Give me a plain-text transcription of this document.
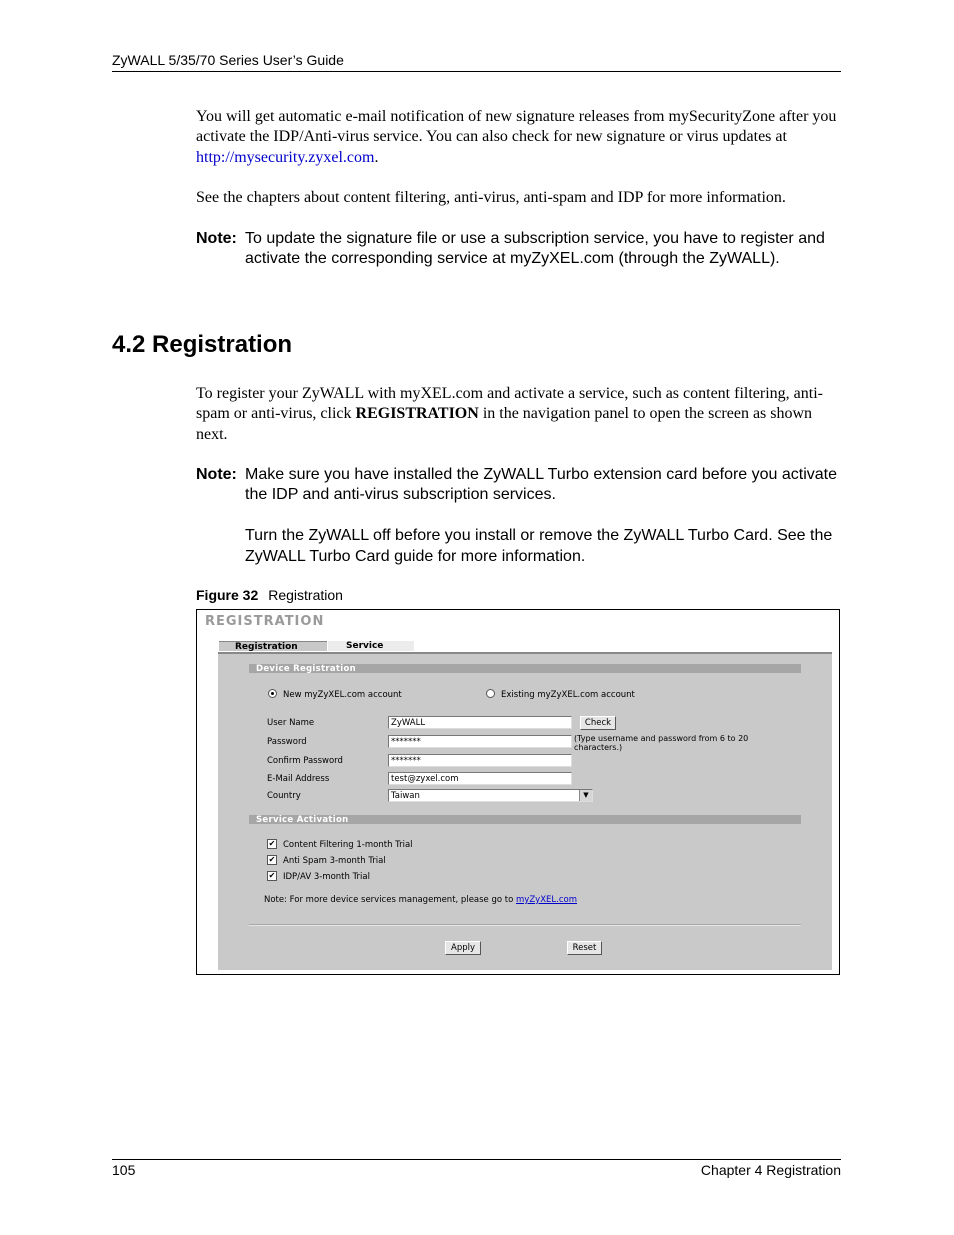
ZyWALL 5/35/70 Series User’s Guide

You will get automatic e-mail notification of new signature releases from mySecurityZone after you activate the IDP/Anti-virus service. You can also check for new signature or virus updates at http://mysecurity.zyxel.com.

See the chapters about content filtering, anti-virus, anti-spam and IDP for more information.

Note: To update the signature file or use a subscription service, you have to register and activate the corresponding service at myZyXEL.com (through the ZyWALL).
4.2 Registration

To register your ZyWALL with myXEL.com and activate a service, such as content filtering, anti-spam or anti-virus, click REGISTRATION in the navigation panel to open the screen as shown next.

Note: Make sure you have installed the ZyWALL Turbo extension card before you activate the IDP and anti-virus subscription services.
Turn the ZyWALL off before you install or remove the ZyWALL Turbo Card. See the ZyWALL Turbo Card guide for more information.
Figure 32 Registration
REGISTRATION
Registration	Service
Device Registration
New myZyXEL.com account	Existing myZyXEL.com account
User Name	ZyWALL	Check
Password	*******	(Type username and password from 6 to 20 characters.)
Confirm Password	*******
E-Mail Address	test@zyxel.com
Country	Taiwan	▼
Service Activation
✔ Content Filtering 1-month Trial
✔ Anti Spam 3-month Trial
✔ IDP/AV 3-month Trial
Note: For more device services management, please go to myZyXEL.com
Apply	Reset
105	Chapter 4 Registration
